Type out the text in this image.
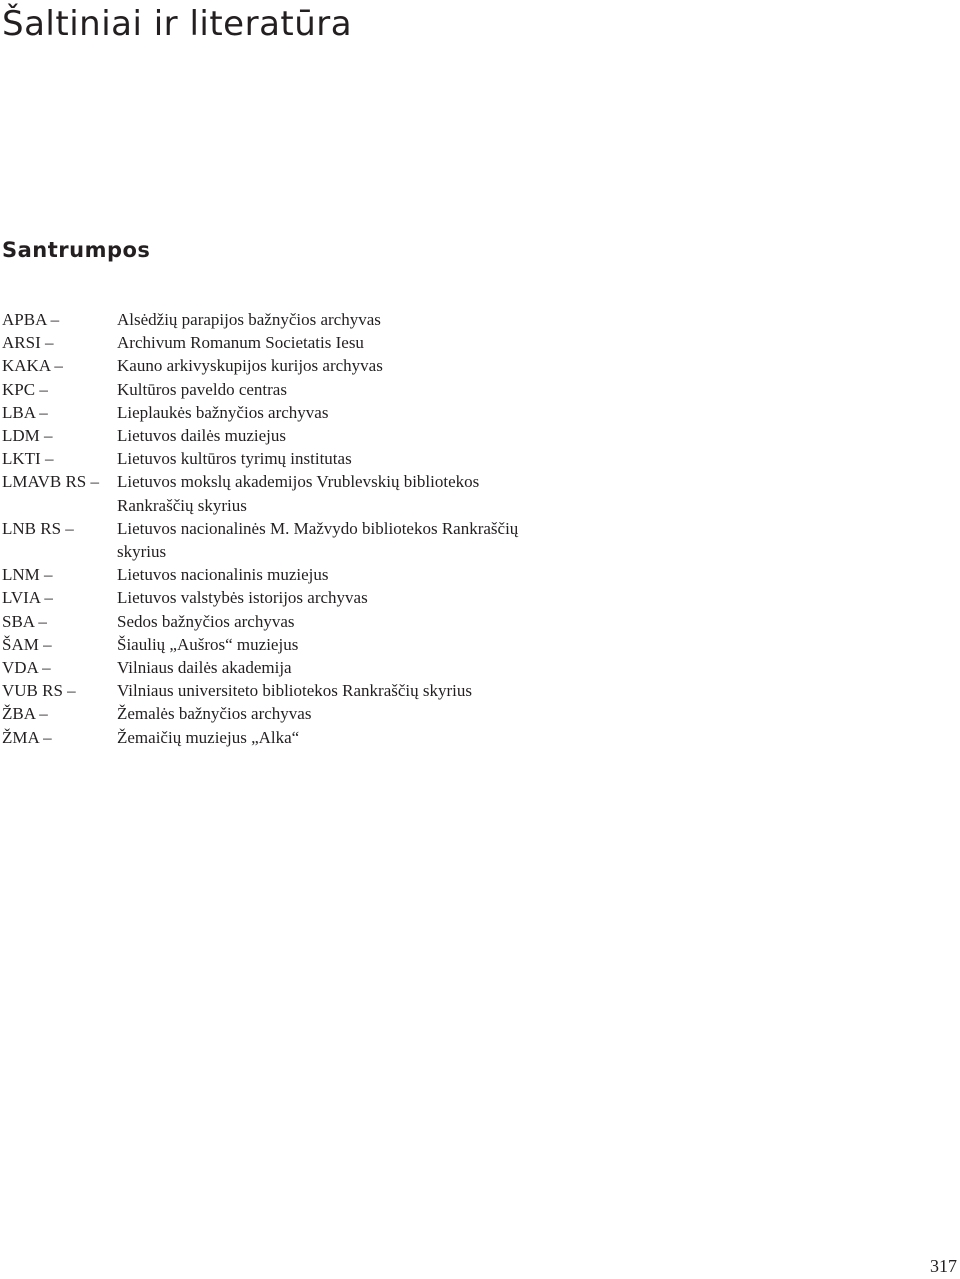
Šaltiniai ir literatūra
Santrumpos
APBA –	Alsėdžių parapijos bažnyčios archyvas
ARSI –	Archivum Romanum Societatis Iesu
KAKA –	Kauno arkivyskupijos kurijos archyvas
KPC –	Kultūros paveldo centras
LBA –	Lieplaukės bažnyčios archyvas
LDM –	Lietuvos dailės muziejus
LKTI –	Lietuvos kultūros tyrimų institutas
LMAVB RS –	Lietuvos mokslų akademijos Vrublevskių bibliotekos Rankraščių skyrius
LNB RS –	Lietuvos nacionalinės M. Mažvydo bibliotekos Rankraščių skyrius
LNM –	Lietuvos nacionalinis muziejus
LVIA –	Lietuvos valstybės istorijos archyvas
SBA –	Sedos bažnyčios archyvas
ŠAM –	Šiaulių „Aušros“ muziejus
VDA –	Vilniaus dailės akademija
VUB RS –	Vilniaus universiteto bibliotekos Rankraščių skyrius
ŽBA –	Žemalės bažnyčios archyvas
ŽMA –	Žemaičių muziejus „Alka“

317
